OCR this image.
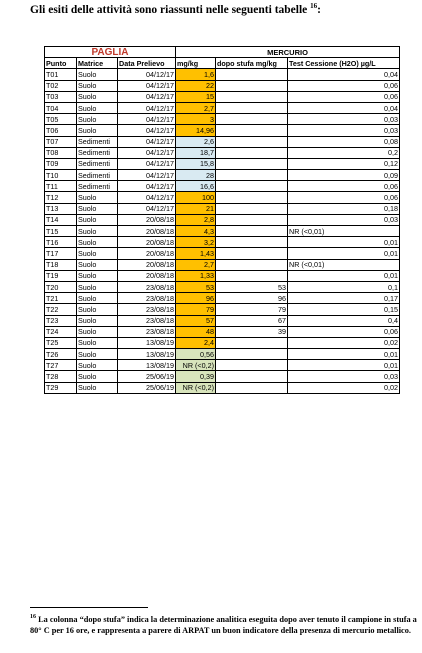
Gli esiti delle attività sono riassunti nelle seguenti tabelle $^{16}$:
PAGLIA			MERCURIO		
Punto	Matrice	Data Prelievo	mg/kg	dopo stufa mg/kg	Test Cessione (H2O) µg/L
T01	Suolo	04/12/17	1,6		0,04
T02	Suolo	04/12/17	22		0,06
T03	Suolo	04/12/17	15		0,06
T04	Suolo	04/12/17	2,7		0,04
T05	Suolo	04/12/17	3		0,03
T06	Suolo	04/12/17	14,96		0,03
T07	Sedimenti	04/12/17	2,6		0,08
T08	Sedimenti	04/12/17	18,7		0,2
T09	Sedimenti	04/12/17	15,8		0,12
T10	Sedimenti	04/12/17	28		0,09
T11	Sedimenti	04/12/17	16,6		0,06
T12	Suolo	04/12/17	100		0,06
T13	Suolo	04/12/17	21		0,18
T14	Suolo	20/08/18	2,8		0,03
T15	Suolo	20/08/18	4,3		NR (<0,01)
T16	Suolo	20/08/18	3,2		0,01
T17	Suolo	20/08/18	1,43		0,01
T18	Suolo	20/08/18	2,7		NR (<0,01)
T19	Suolo	20/08/18	1,33		0,01
T20	Suolo	23/08/18	53	53	0,1
T21	Suolo	23/08/18	96	96	0,17
T22	Suolo	23/08/18	79	79	0,15
T23	Suolo	23/08/18	57	67	0,4
T24	Suolo	23/08/18	48	39	0,06
T25	Suolo	13/08/19	2,4		0,02
T26	Suolo	13/08/19	0,56		0,01
T27	Suolo	13/08/19	NR (<0,2)		0,01
T28	Suolo	25/06/19	0,39		0,03
T29	Suolo	25/06/19	NR (<0,2)		0,02
$^{16}$ La colonna “dopo stufa” indica la determinazione analitica eseguita dopo aver tenuto il campione in stufa a 80° C per 16 ore, e rappresenta a parere di ARPAT un buon indicatore della presenza di mercurio metallico.
